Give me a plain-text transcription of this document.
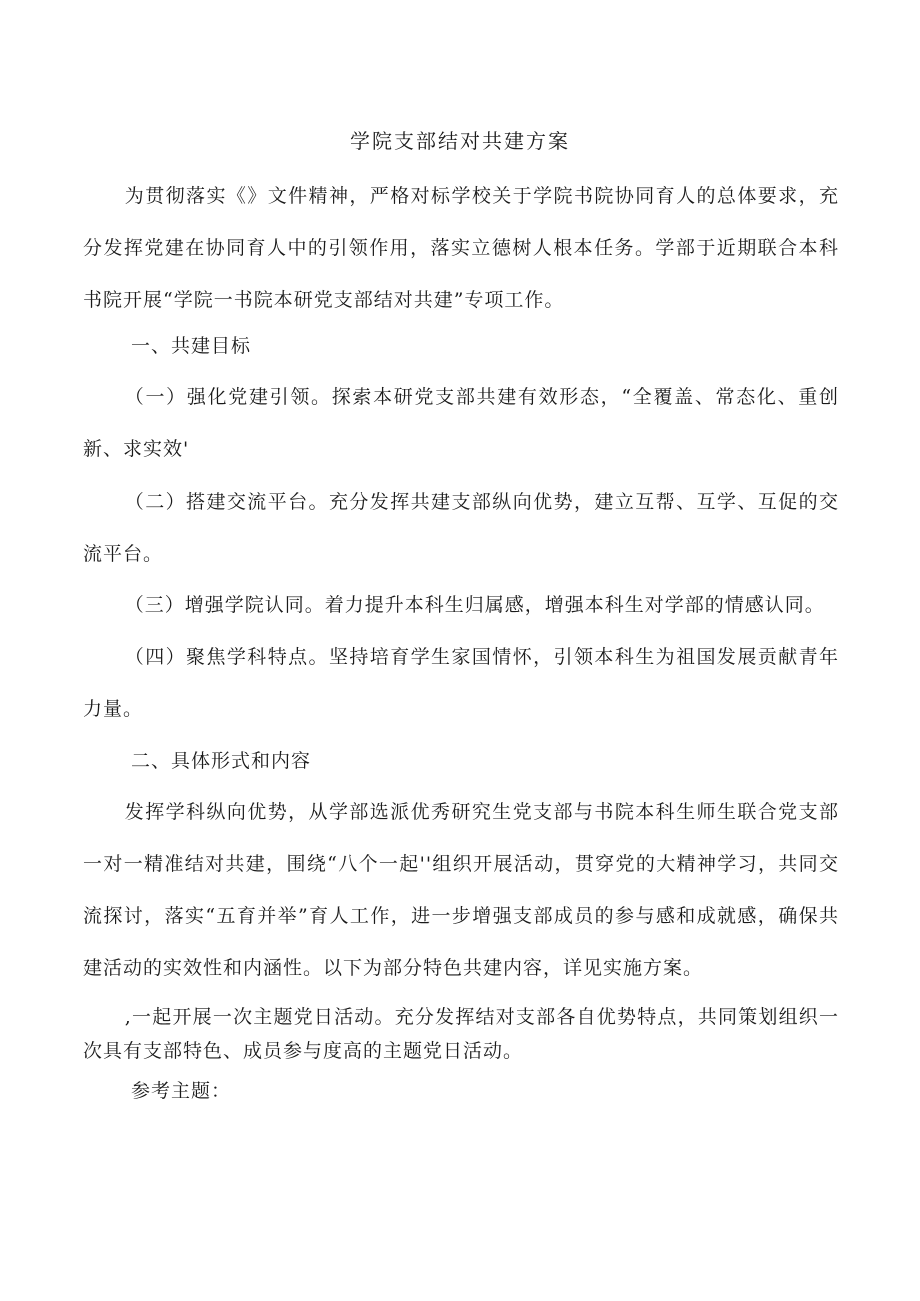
学院支部结对共建方案

为贯彻落实《》文件精神，严格对标学校关于学院书院协同育人的总体要求，充分发挥党建在协同育人中的引领作用，落实立德树人根本任务。学部于近期联合本科书院开展“学院一书院本研党支部结对共建”专项工作。

一、共建目标

（一）强化党建引领。探索本研党支部共建有效形态，“全覆盖、常态化、重创新、求实效'

（二）搭建交流平台。充分发挥共建支部纵向优势，建立互帮、互学、互促的交流平台。

（三）增强学院认同。着力提升本科生归属感，增强本科生对学部的情感认同。

（四）聚焦学科特点。坚持培育学生家国情怀，引领本科生为祖国发展贡献青年力量。

二、具体形式和内容

发挥学科纵向优势，从学部选派优秀研究生党支部与书院本科生师生联合党支部一对一精准结对共建，围绕“八个一起''组织开展活动，贯穿党的大精神学习，共同交流探讨，落实“五育并举”育人工作，进一步增强支部成员的参与感和成就感，确保共建活动的实效性和内涵性。以下为部分特色共建内容，详见实施方案。

,一起开展一次主题党日活动。充分发挥结对支部各自优势特点，共同策划组织一次具有支部特色、成员参与度高的主题党日活动。

参考主题：
